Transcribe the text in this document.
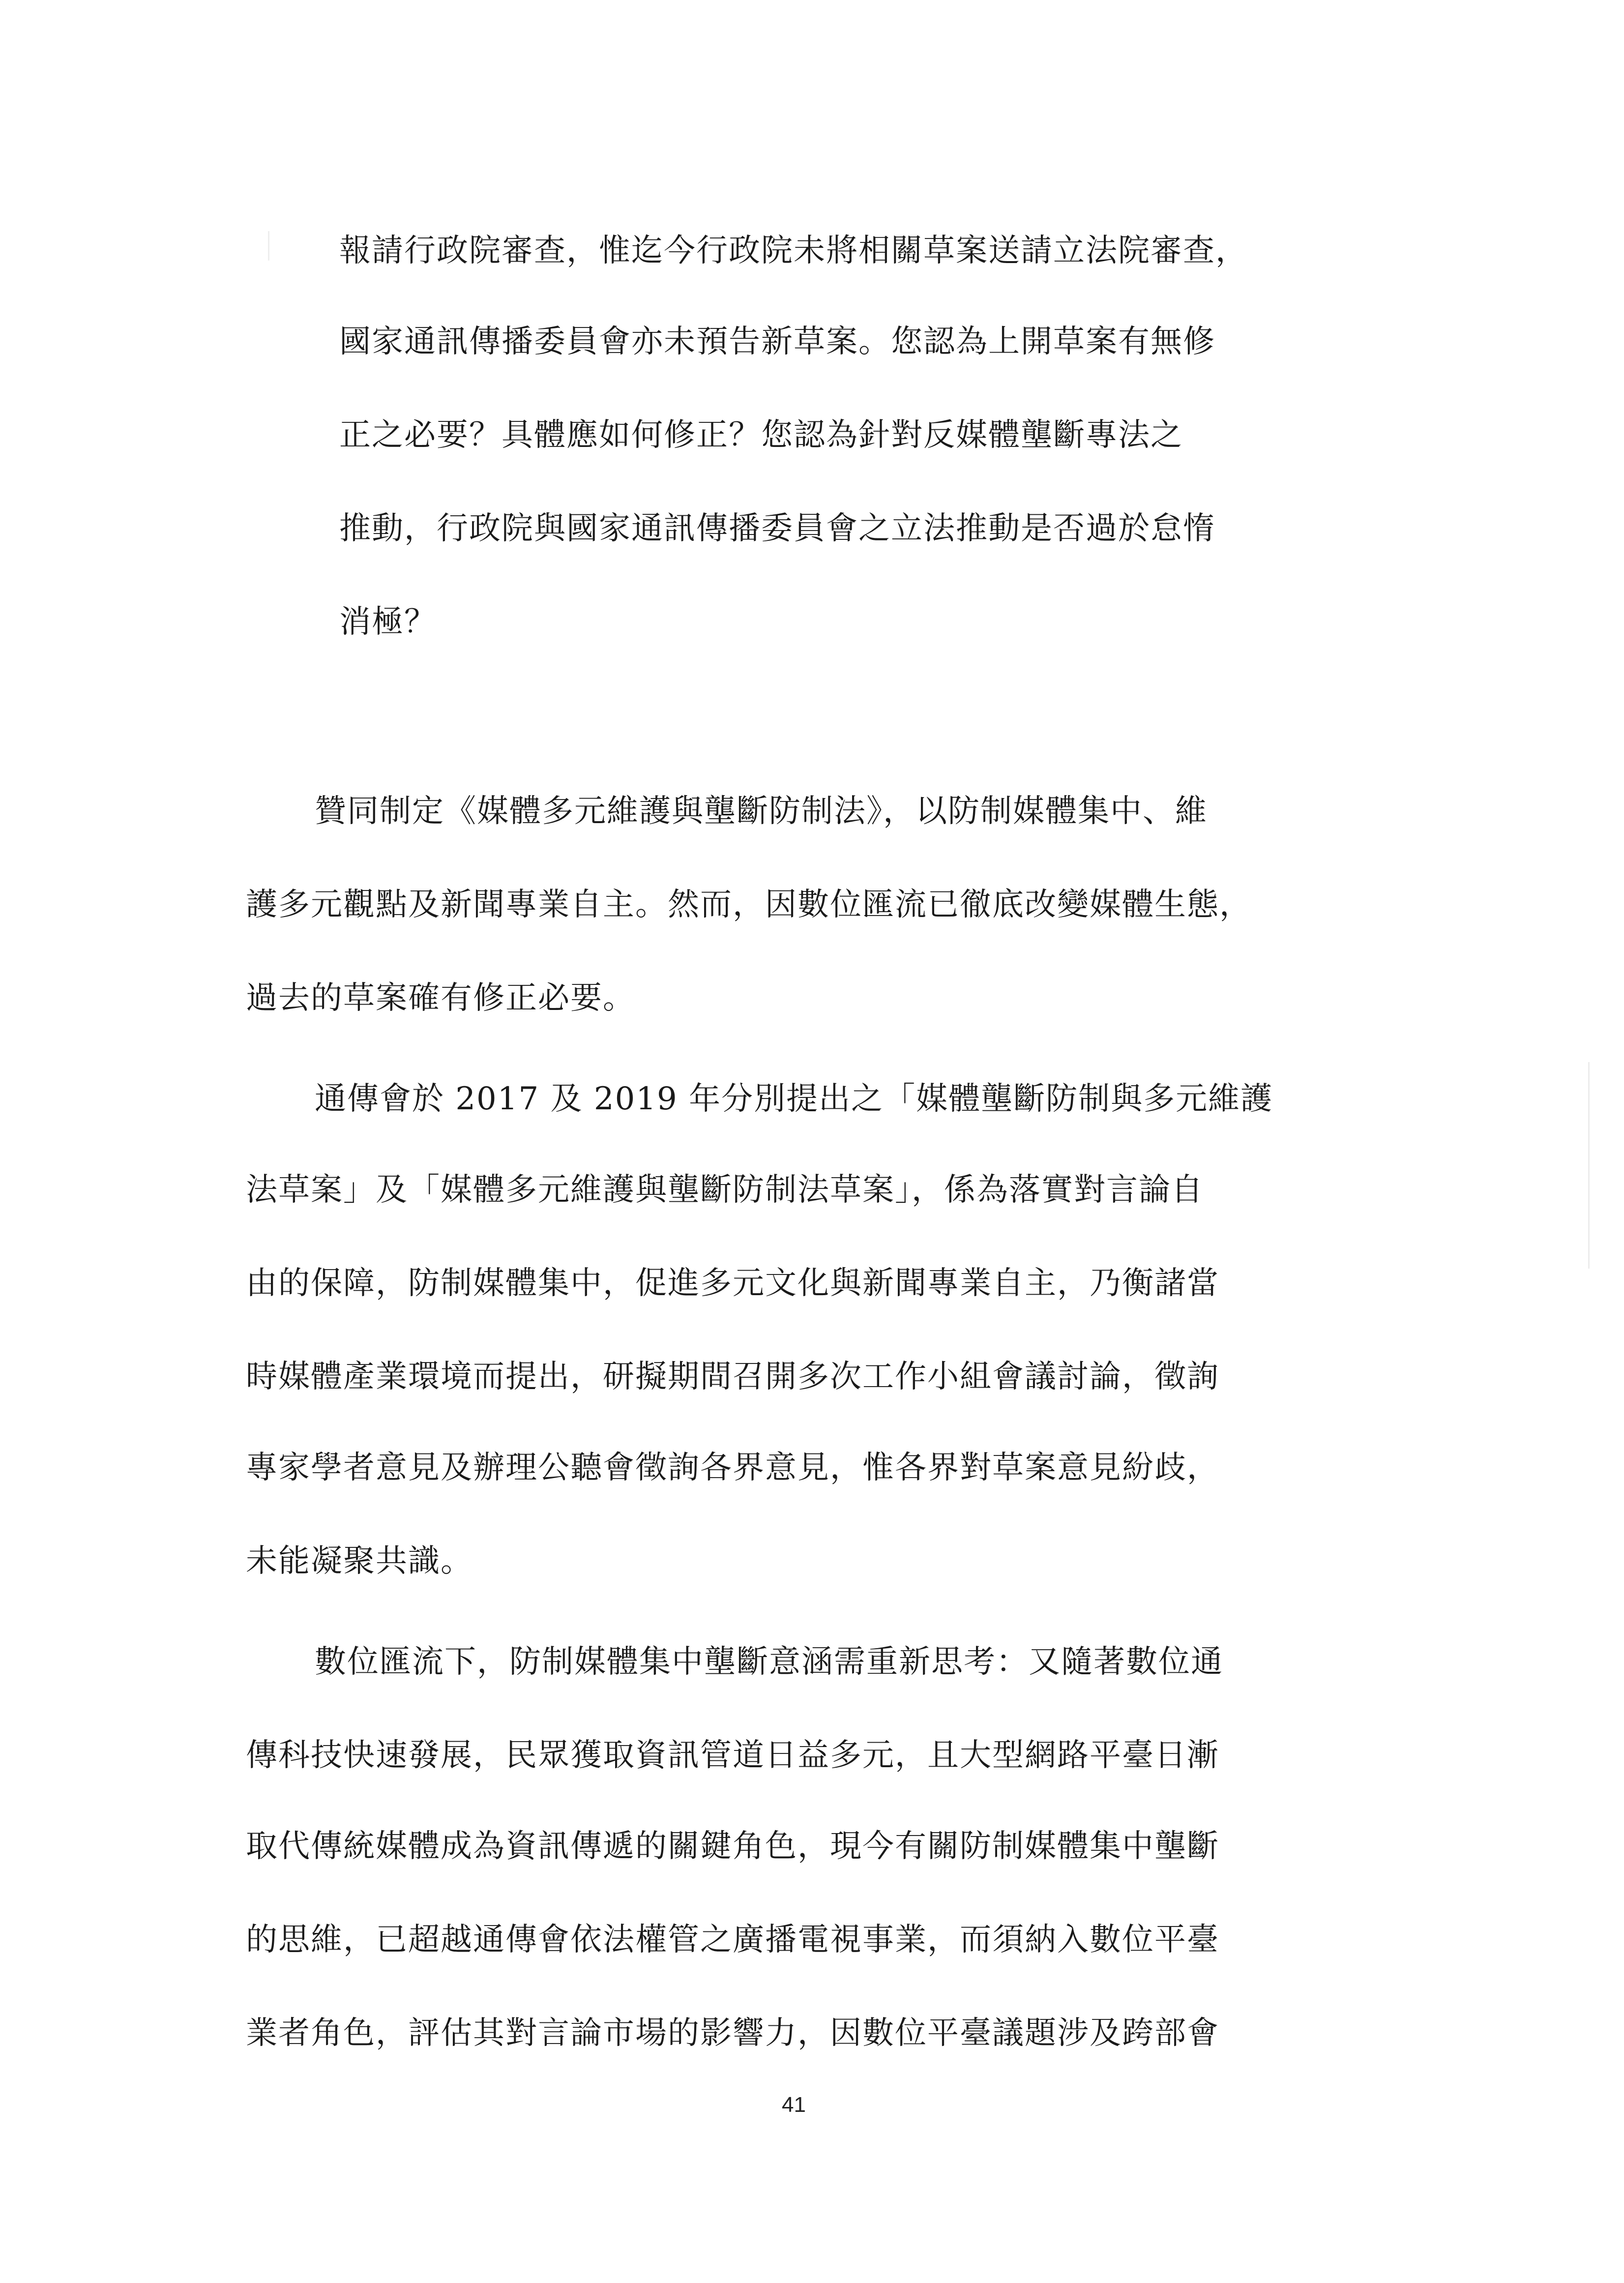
報請行政院審查，惟迄今行政院未將相關草案送請立法院審查，
國家通訊傳播委員會亦未預告新草案。您認為上開草案有無修
正之必要？具體應如何修正？您認為針對反媒體壟斷專法之
推動，行政院與國家通訊傳播委員會之立法推動是否過於怠惰
消極？
贊同制定《媒體多元維護與壟斷防制法》，以防制媒體集中、維
護多元觀點及新聞專業自主。然而，因數位匯流已徹底改變媒體生態，
過去的草案確有修正必要。
通傳會於 2017 及 2019 年分別提出之「媒體壟斷防制與多元維護
法草案」及「媒體多元維護與壟斷防制法草案」，係為落實對言論自
由的保障，防制媒體集中，促進多元文化與新聞專業自主，乃衡諸當
時媒體產業環境而提出，研擬期間召開多次工作小組會議討論，徵詢
專家學者意見及辦理公聽會徵詢各界意見，惟各界對草案意見紛歧，
未能凝聚共識。
數位匯流下，防制媒體集中壟斷意涵需重新思考：又隨著數位通
傳科技快速發展，民眾獲取資訊管道日益多元，且大型網路平臺日漸
取代傳統媒體成為資訊傳遞的關鍵角色，現今有關防制媒體集中壟斷
的思維，已超越通傳會依法權管之廣播電視事業，而須納入數位平臺
業者角色，評估其對言論市場的影響力，因數位平臺議題涉及跨部會
41
